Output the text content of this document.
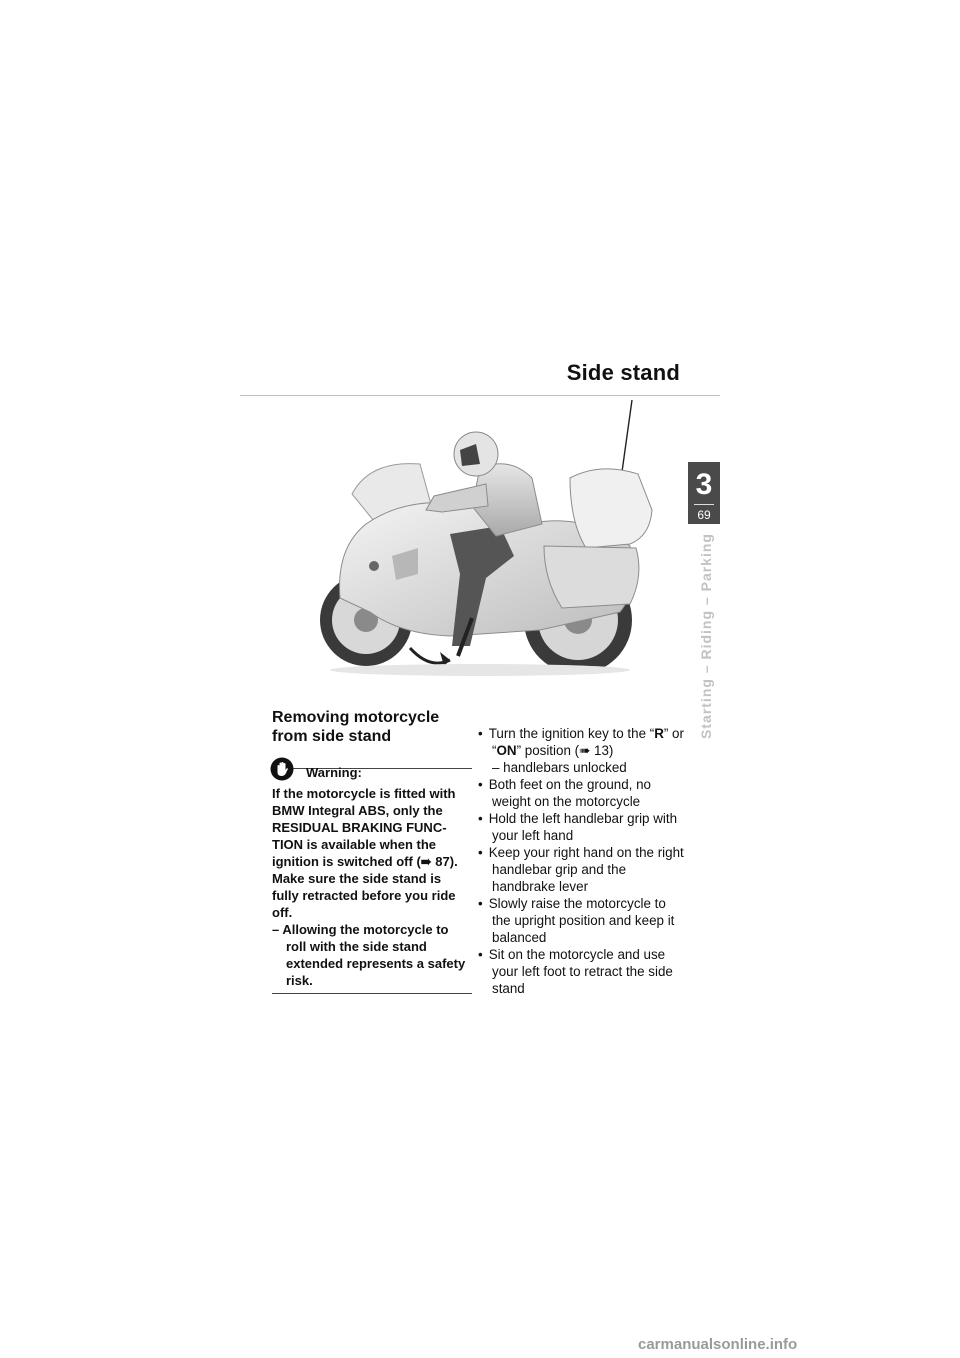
Side stand
3
69
Starting – Riding – Parking
Removing motorcycle
from side stand
Warning:
If the motorcycle is fitted with
BMW Integral ABS, only the
RESIDUAL BRAKING FUNC-
TION is available when the
ignition is switched off (➠ 87).
Make sure the side stand is
fully retracted before you ride
off.
– Allowing the motorcycle to roll with the side stand extended represents a safety risk.
• Turn the ignition key to the “R” or “ON” position (➠ 13)
– handlebars unlocked
• Both feet on the ground, no weight on the motorcycle
• Hold the left handlebar grip with your left hand
• Keep your right hand on the right handlebar grip and the handbrake lever
• Slowly raise the motorcycle to the upright position and keep it balanced
• Sit on the motorcycle and use your left foot to retract the side stand
carmanualsonline.info
